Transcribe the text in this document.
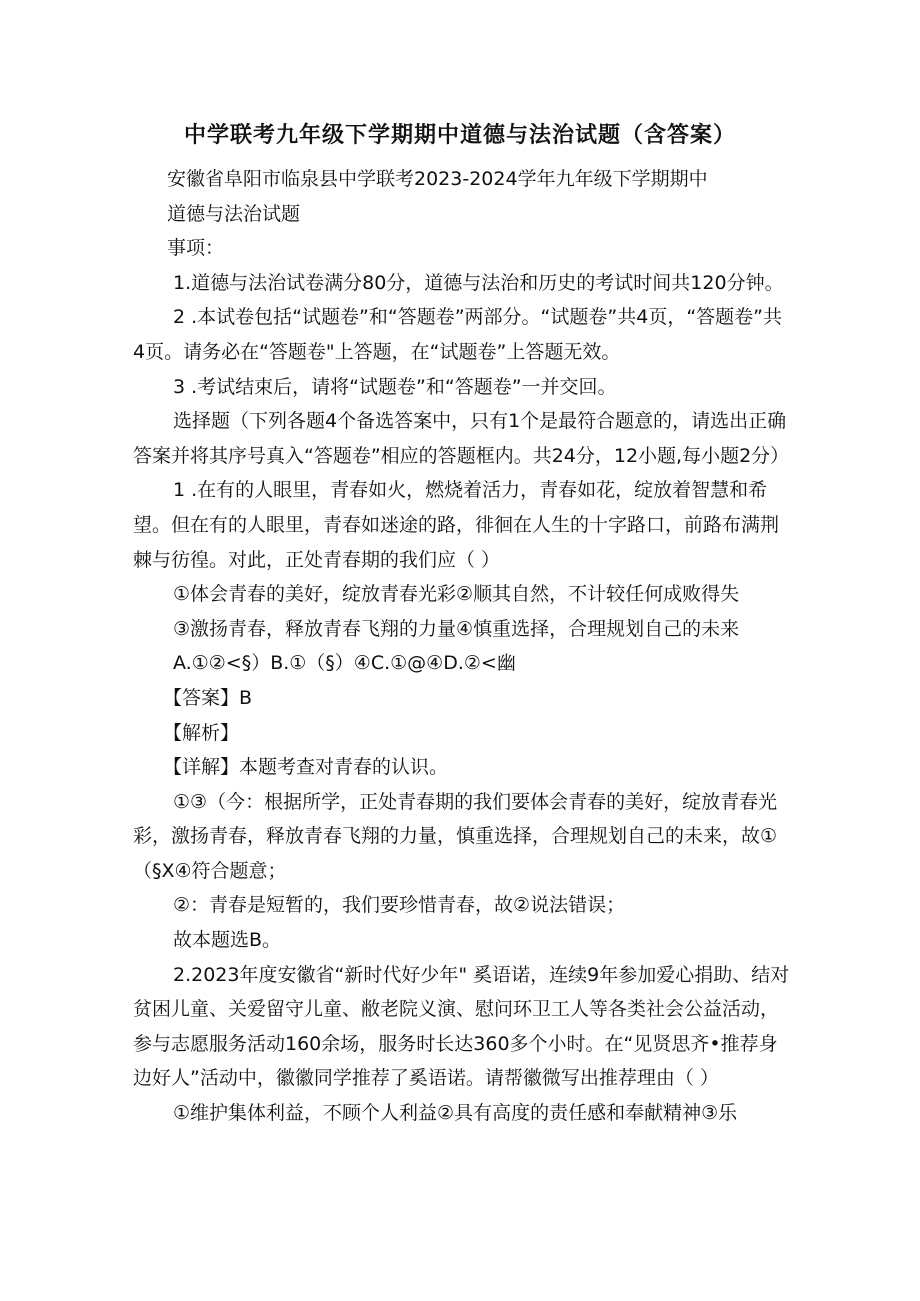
中学联考九年级下学期期中道德与法治试题（含答案）

安徽省阜阳市临泉县中学联考2023-2024学年九年级下学期期中

道德与法治试题

事项：

1.道德与法治试卷满分80分，道德与法治和历史的考试时间共120分钟。

2 .本试卷包括“试题卷”和“答题卷”两部分。“试题卷”共4页，“答题卷”共4页。请务必在“答题卷"上答题，在“试题卷”上答题无效。

3 .考试结束后，请将“试题卷”和“答题卷”一并交回。

选择题（下列各题4个备选答案中，只有1个是最符合题意的，请选出正确答案并将其序号真入“答题卷”相应的答题框内。共24分，12小题,每小题2分）

1 .在有的人眼里，青春如火，燃烧着活力，青春如花，绽放着智慧和希望。但在有的人眼里，青春如迷途的路，徘徊在人生的十字路口，前路布满荆棘与彷徨。对此，正处青春期的我们应（ ）

①体会青春的美好，绽放青春光彩②顺其自然，不计较任何成败得失

③激扬青春，释放青春飞翔的力量④慎重选择，合理规划自己的未来

A.①②<§）B.①（§）④C.①@④D.②<幽

【答案】B

【解析】

【详解】本题考查对青春的认识。

①③（今：根据所学，正处青春期的我们要体会青春的美好，绽放青春光彩，激扬青春，释放青春飞翔的力量，慎重选择，合理规划自己的未来，故①（§X④符合题意；

②：青春是短暂的，我们要珍惜青春，故②说法错误；

故本题选B。

2.2023年度安徽省“新时代好少年" 奚语诺，连续9年参加爱心捐助、结对贫困儿童、关爱留守儿童、敝老院义演、慰问环卫工人等各类社会公益活动，参与志愿服务活动160余场，服务时长达360多个小时。在“见贤思齐•推荐身边好人”活动中，徽徽同学推荐了奚语诺。请帮徽微写出推荐理由（ ）

①维护集体利益，不顾个人利益②具有高度的责任感和奉献精神③乐
